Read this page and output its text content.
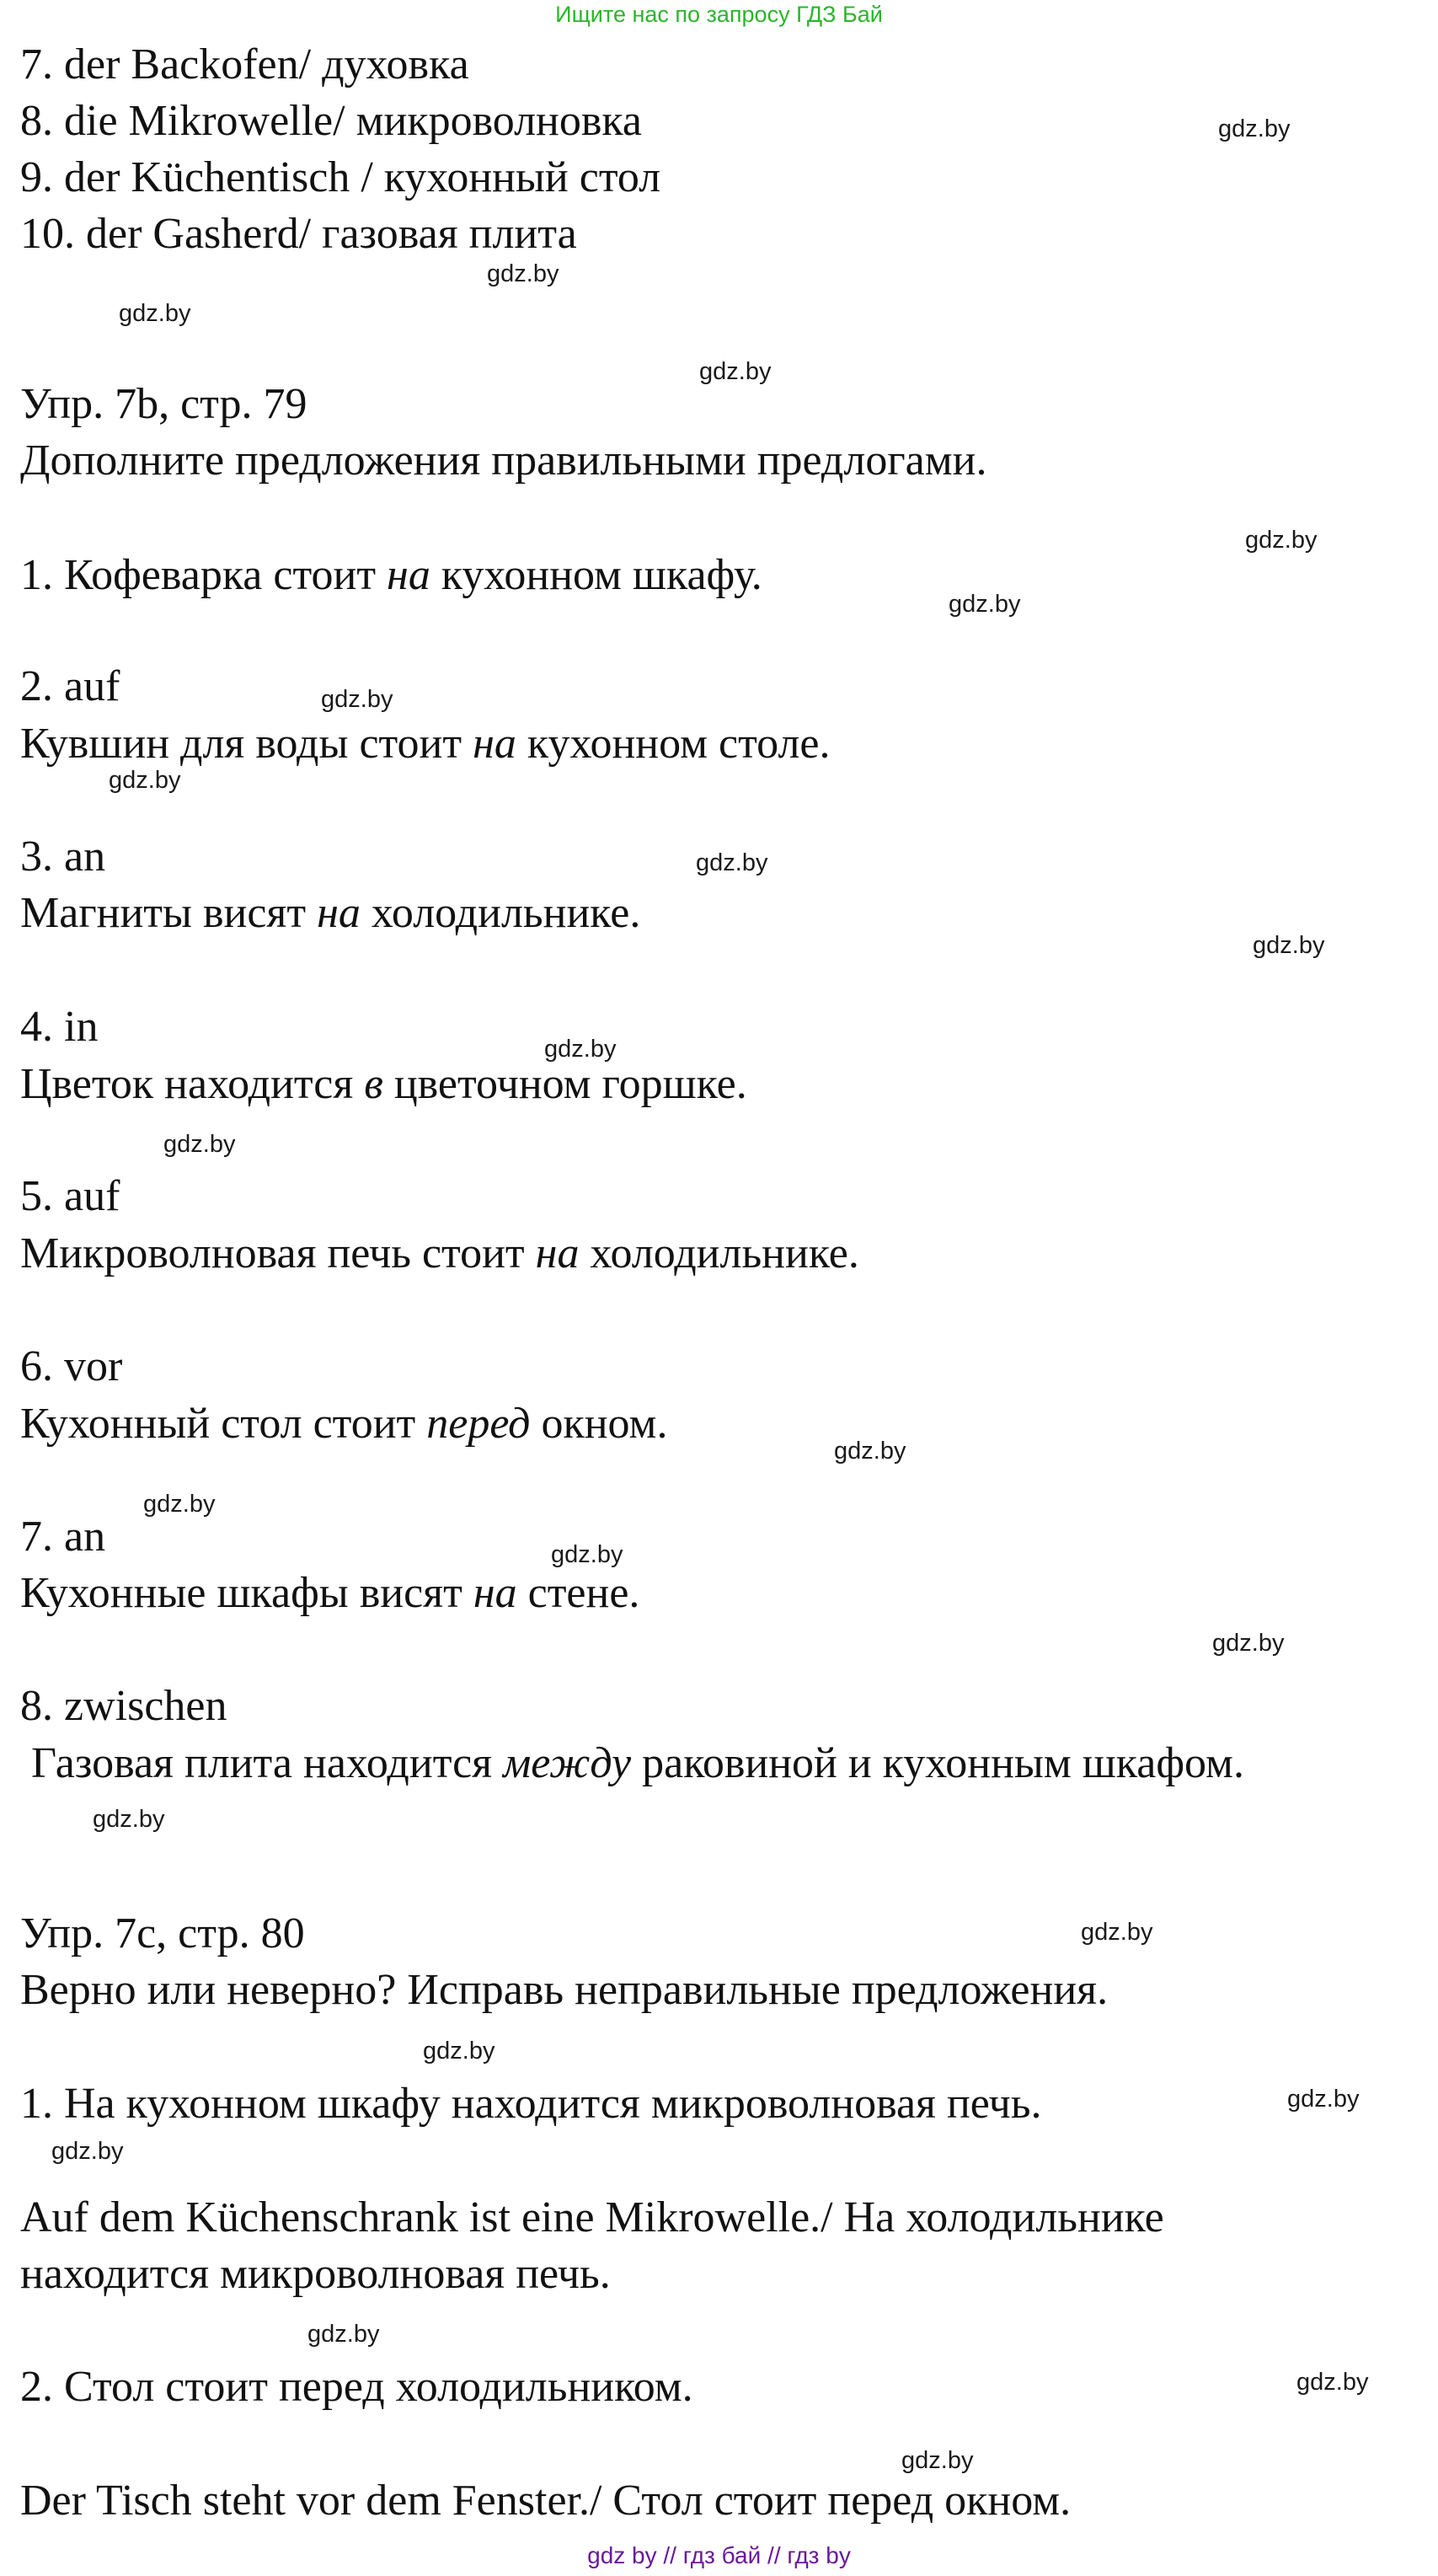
Ищите нас по запросу ГДЗ Бай
7. der Backofen/ духовка
8. die Mikrowelle/ микроволновка
9. der Küchentisch / кухонный стол
10. der Gasherd/ газовая плита
Упр. 7b, стр. 79
Дополните предложения правильными предлогами.
1. Кофеварка стоит на кухонном шкафу.
2. auf
Кувшин для воды стоит на кухонном столе.
3. an
Магниты висят на холодильнике.
4. in
Цветок находится в цветочном горшке.
5. auf
Микроволновая печь стоит на холодильнике.
6. vor
Кухонный стол стоит перед окном.
7. an
Кухонные шкафы висят на стене.
8. zwischen
Газовая плита находится между раковиной и кухонным шкафом.
Упр. 7c, стр. 80
Верно или неверно? Исправь неправильные предложения.
1. На кухонном шкафу находится микроволновая печь.
Auf dem Küchenschrank ist eine Mikrowelle./ На холодильнике
находится микроволновая печь.
2. Стол стоит перед холодильником.
Der Tisch steht vor dem Fenster./ Стол стоит перед окном.
gdz.by
gdz.by
gdz.by
gdz.by
gdz.by
gdz.by
gdz.by
gdz.by
gdz.by
gdz.by
gdz.by
gdz.by
gdz.by
gdz.by
gdz.by
gdz.by
gdz.by
gdz.by
gdz.by
gdz.by
gdz.by
gdz.by
gdz.by
gdz.by
gdz by // гдз бай // гдз by
